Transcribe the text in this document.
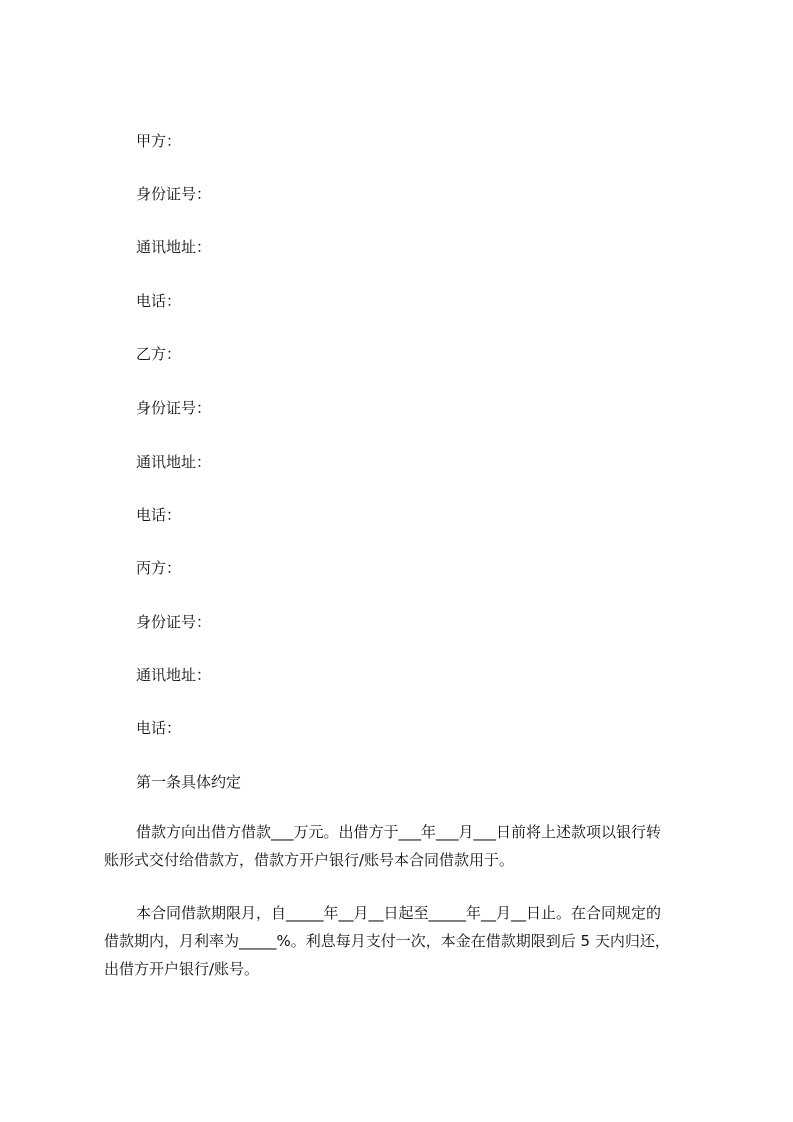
甲方：
身份证号：
通讯地址：
电话：
乙方：
身份证号：
通讯地址：
电话：
丙方：
身份证号：
通讯地址：
电话：
第一条具体约定

借款方向出借方借款___万元。出借方于___年___月___日前将上述款项以银行转

账形式交付给借款方，借款方开户银行/账号本合同借款用于。

本合同借款期限月，自_____年__月__日起至_____年__月__日止。在合同规定的

借款期内，月利率为_____%。利息每月支付一次，本金在借款期限到后 5 天内归还，

出借方开户银行/账号。
